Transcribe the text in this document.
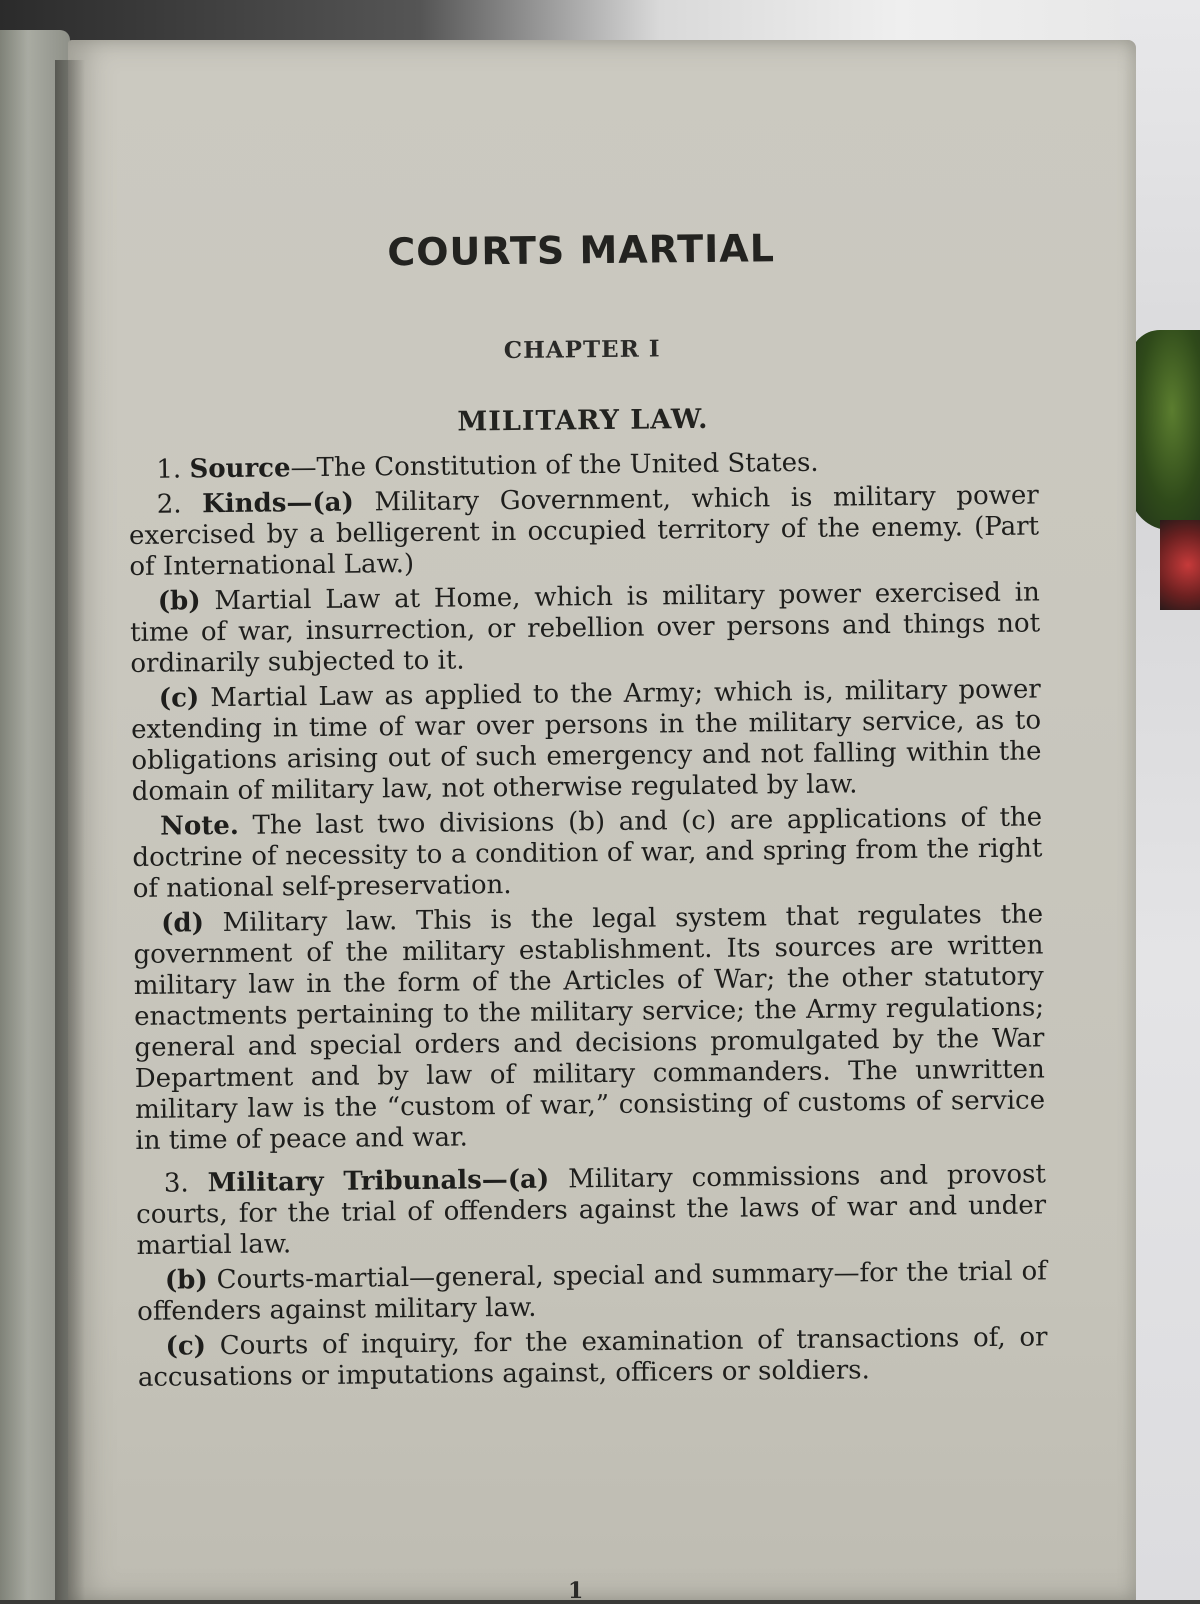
COURTS MARTIAL
CHAPTER I
MILITARY LAW.

1. Source—The Constitution of the United States.

2. Kinds—(a) Military Government, which is military power exercised by a belligerent in occupied territory of the enemy. (Part of International Law.)

(b) Martial Law at Home, which is military power exercised in time of war, insurrection, or rebellion over persons and things not ordinarily subjected to it.

(c) Martial Law as applied to the Army; which is, military power extending in time of war over persons in the military service, as to obligations arising out of such emergency and not falling within the domain of military law, not otherwise regulated by law.

Note. The last two divisions (b) and (c) are applications of the doctrine of necessity to a condition of war, and spring from the right of national self-preservation.

(d) Military law. This is the legal system that regulates the government of the military establishment. Its sources are written military law in the form of the Articles of War; the other statutory enactments pertaining to the military service; the Army regulations; general and special orders and decisions promulgated by the War Department and by law of military commanders. The unwritten military law is the “custom of war,” consisting of customs of service in time of peace and war.

3. Military Tribunals—(a) Military commissions and provost courts, for the trial of offenders against the laws of war and under martial law.

(b) Courts-martial—general, special and summary—for the trial of offenders against military law.

(c) Courts of inquiry, for the examination of transactions of, or accusations or imputations against, officers or soldiers.

1
